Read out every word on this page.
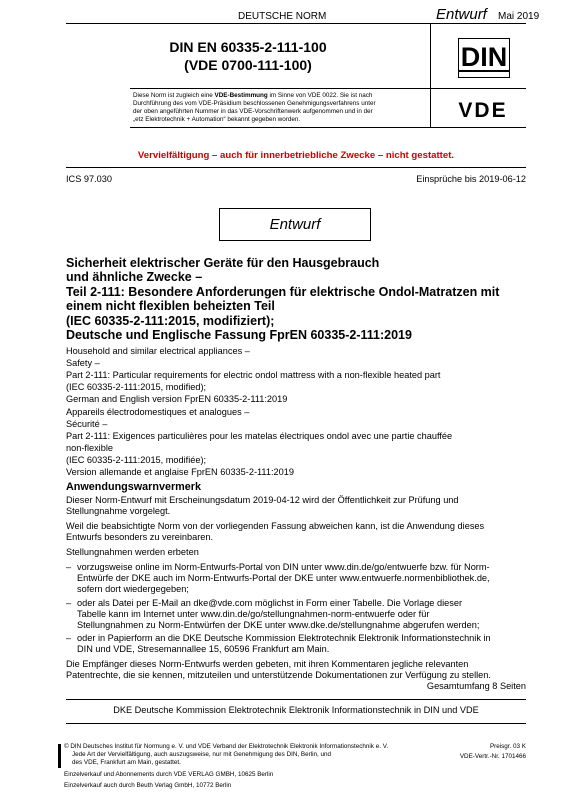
DEUTSCHE NORM	Entwurf Mai 2019
DIN EN 60335-2-111-100
(VDE 0700-111-100)	DIN
Diese Norm ist zugleich eine VDE-Bestimmung im Sinne von VDE 0022. Sie ist nach
Durchführung des vom VDE-Präsidium beschlossenen Genehmigungsverfahrens unter
der oben angeführten Nummer in das VDE-Vorschriftenwerk aufgenommen und in der
„etz Elektrotechnik + Automation“ bekannt gegeben worden.	VDE
Vervielfältigung – auch für innerbetriebliche Zwecke – nicht gestattet.
ICS 97.030	Einsprüche bis 2019-06-12
Entwurf
Sicherheit elektrischer Geräte für den Hausgebrauch
und ähnliche Zwecke –
Teil 2-111: Besondere Anforderungen für elektrische Ondol-Matratzen mit
einem nicht flexiblen beheizten Teil
(IEC 60335-2-111:2015, modifiziert);
Deutsche und Englische Fassung FprEN 60335-2-111:2019
Household and similar electrical appliances –
Safety –
Part 2-111: Particular requirements for electric ondol mattress with a non-flexible heated part
(IEC 60335-2-111:2015, modified);
German and English version FprEN 60335-2-111:2019
Appareils électrodomestiques et analogues –
Sécurité –
Part 2-111: Exigences particulières pour les matelas électriques ondol avec une partie chauffée
non-flexible
(IEC 60335-2-111:2015, modifiée);
Version allemande et anglaise FprEN 60335-2-111:2019
Anwendungswarnvermerk
Dieser Norm-Entwurf mit Erscheinungsdatum 2019-04-12 wird der Öffentlichkeit zur Prüfung und
Stellungnahme vorgelegt.
Weil die beabsichtigte Norm von der vorliegenden Fassung abweichen kann, ist die Anwendung dieses
Entwurfs besonders zu vereinbaren.
Stellungnahmen werden erbeten
– vorzugsweise online im Norm-Entwurfs-Portal von DIN unter www.din.de/go/entwuerfe bzw. für Norm-
Entwürfe der DKE auch im Norm-Entwurfs-Portal der DKE unter www.entwuerfe.normenbibliothek.de,
sofern dort wiedergegeben;
– oder als Datei per E-Mail an dke@vde.com möglichst in Form einer Tabelle. Die Vorlage dieser
Tabelle kann im Internet unter www.din.de/go/stellungnahmen-norm-entwuerfe oder für
Stellungnahmen zu Norm-Entwürfen der DKE unter www.dke.de/stellungnahme abgerufen werden;
– oder in Papierform an die DKE Deutsche Kommission Elektrotechnik Elektronik Informationstechnik in
DIN und VDE, Stresemannallee 15, 60596 Frankfurt am Main.
Die Empfänger dieses Norm-Entwurfs werden gebeten, mit ihren Kommentaren jegliche relevanten
Patentrechte, die sie kennen, mitzuteilen und unterstützende Dokumentationen zur Verfügung zu stellen.
Gesamtumfang 8 Seiten
DKE Deutsche Kommission Elektrotechnik Elektronik Informationstechnik in DIN und VDE
© DIN Deutsches Institut für Normung e. V. und VDE Verband der Elektrotechnik Elektronik Informationstechnik e. V.
Jede Art der Vervielfältigung, auch auszugsweise, nur mit Genehmigung des DIN, Berlin, und
des VDE, Frankfurt am Main, gestattet.
Preisgr. 03 K
VDE-Vertr.-Nr. 1701466
Einzelverkauf und Abonnements durch VDE VERLAG GMBH, 10625 Berlin
Einzelverkauf auch durch Beuth Verlag GmbH, 10772 Berlin
